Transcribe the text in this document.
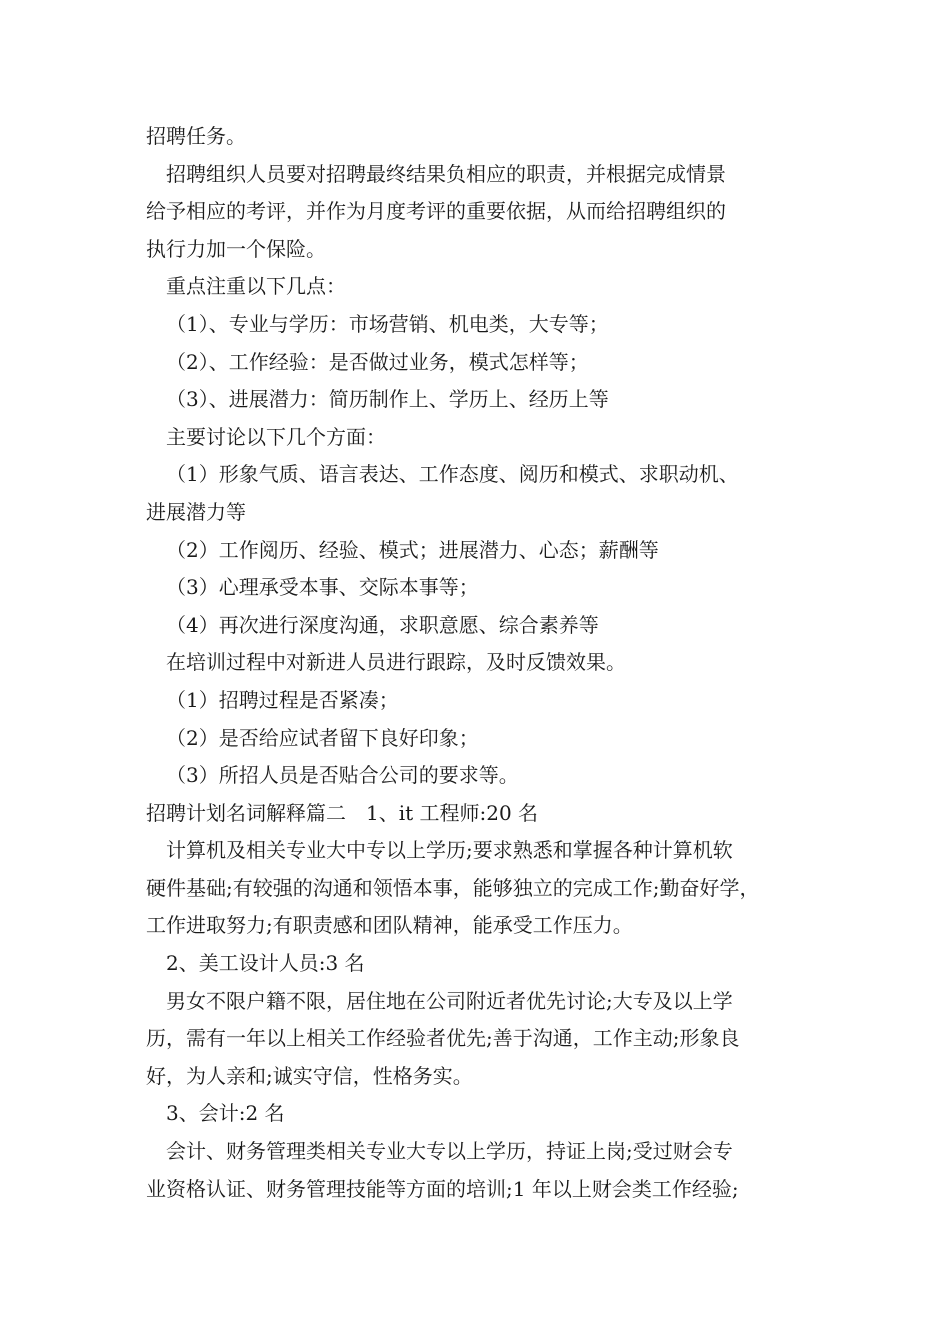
招聘任务。
招聘组织人员要对招聘最终结果负相应的职责，并根据完成情景
给予相应的考评，并作为月度考评的重要依据，从而给招聘组织的
执行力加一个保险。
重点注重以下几点：
（1）、专业与学历：市场营销、机电类，大专等；
（2）、工作经验：是否做过业务，模式怎样等；
（3）、进展潜力：简历制作上、学历上、经历上等
主要讨论以下几个方面：
（1）形象气质、语言表达、工作态度、阅历和模式、求职动机、
进展潜力等
（2）工作阅历、经验、模式；进展潜力、心态；薪酬等
（3）心理承受本事、交际本事等；
（4）再次进行深度沟通，求职意愿、综合素养等
在培训过程中对新进人员进行跟踪，及时反馈效果。
（1）招聘过程是否紧凑；
（2）是否给应试者留下良好印象；
（3）所招人员是否贴合公司的要求等。
招聘计划名词解释篇二　1、it 工程师:20 名
计算机及相关专业大中专以上学历;要求熟悉和掌握各种计算机软
硬件基础;有较强的沟通和领悟本事，能够独立的完成工作;勤奋好学，
工作进取努力;有职责感和团队精神，能承受工作压力。
2、美工设计人员:3 名
男女不限户籍不限，居住地在公司附近者优先讨论;大专及以上学
历，需有一年以上相关工作经验者优先;善于沟通，工作主动;形象良
好，为人亲和;诚实守信，性格务实。
3、会计:2 名
会计、财务管理类相关专业大专以上学历，持证上岗;受过财会专
业资格认证、财务管理技能等方面的培训;1 年以上财会类工作经验;
